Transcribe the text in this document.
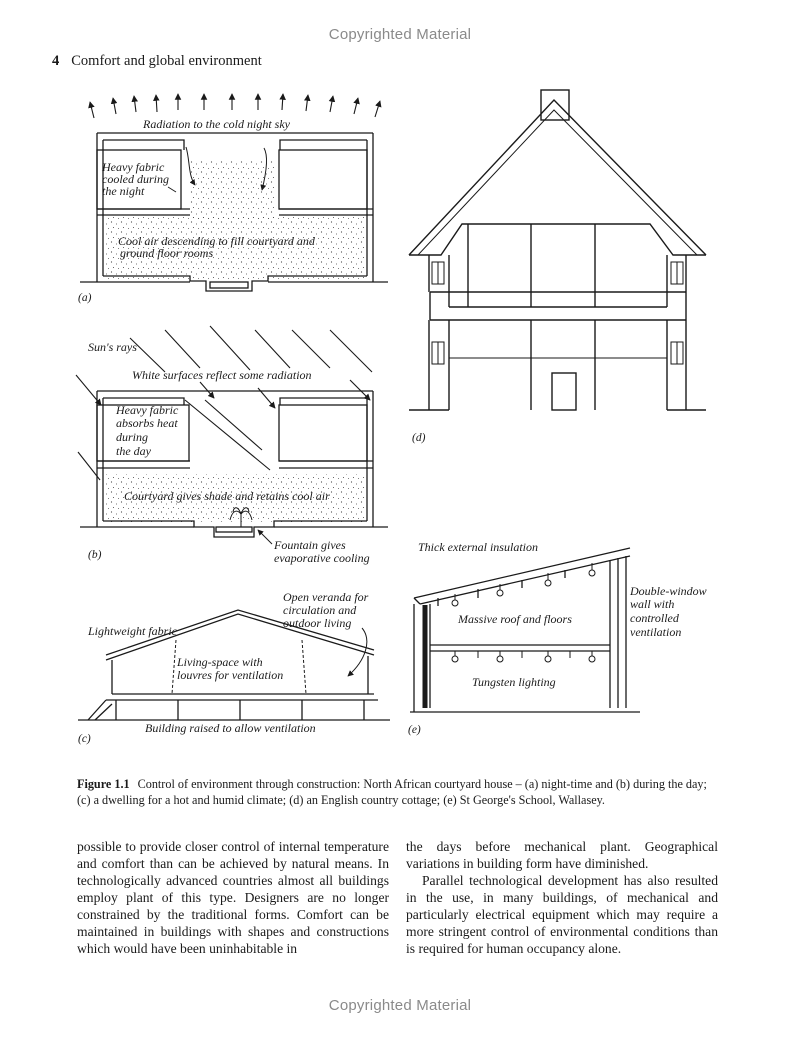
Copyrighted Material
4 Comfort and global environment
Radiation to the cold night sky
Heavy fabric
cooled during
the night
Cool air descending to fill courtyard and
ground floor rooms
(a)
Sun's rays
White surfaces reflect some radiation
Heavy fabric
absorbs heat
during
the day
Courtyard gives shade and retains cool air
Fountain gives
evaporative cooling
(b)
Open veranda for
circulation and
outdoor living
Lightweight fabric
Living-space with
louvres for ventilation
Building raised to allow ventilation
(c)
(d)
Thick external insulation
Double-window
wall with
controlled
ventilation
Massive roof and floors
Tungsten lighting
(e)
Figure 1.1 Control of environment through construction: North African courtyard house – (a) night-time and (b) during the day; (c) a dwelling for a hot and humid climate; (d) an English country cottage; (e) St George's School, Wallasey.

possible to provide closer control of internal temperature and comfort than can be achieved by natural means. In technologically advanced countries almost all buildings employ plant of this type. Designers are no longer constrained by the traditional forms. Comfort can be maintained in buildings with shapes and constructions which would have been uninhabitable in

the days before mechanical plant. Geographical variations in building form have diminished.

Parallel technological development has also resulted in the use, in many buildings, of mechanical and particularly electrical equipment which may require a more stringent control of environmental conditions than is required for human occupancy alone.

Copyrighted Material
